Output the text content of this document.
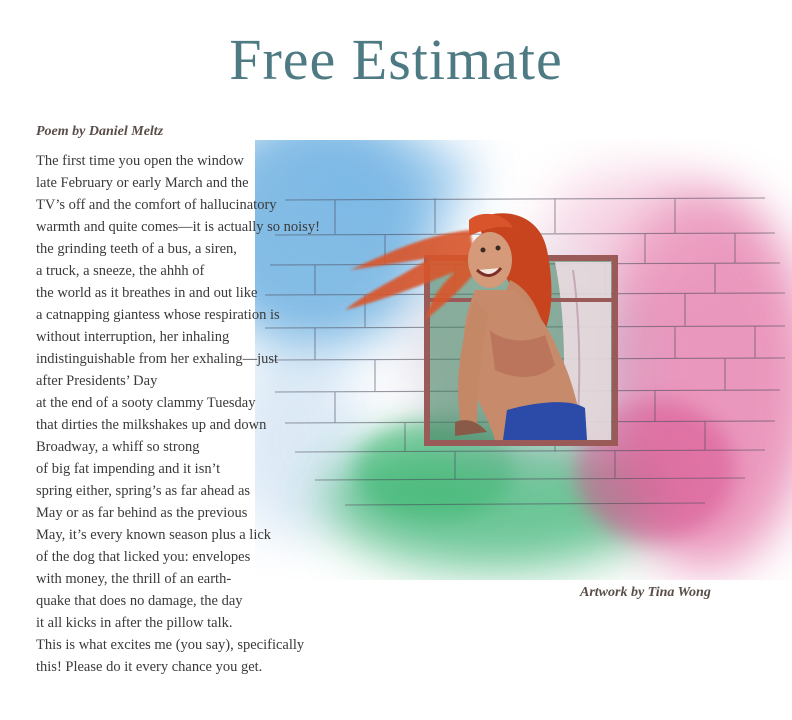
Free Estimate
Poem by Daniel Meltz
The first time you open the window
late February or early March and the
TV’s off and the comfort of hallucinatory
warmth and quite comes—it is actually so noisy!
the grinding teeth of a bus, a siren,
a truck, a sneeze, the ahhh of
the world as it breathes in and out like
a catnapping giantess whose respiration is
without interruption, her inhaling
indistinguishable from her exhaling—just
after Presidents’ Day
at the end of a sooty clammy Tuesday
that dirties the milkshakes up and down
Broadway, a whiff so strong
of big fat impending and it isn’t
spring either, spring’s as far ahead as
May or as far behind as the previous
May, it’s every known season plus a lick
of the dog that licked you: envelopes
with money, the thrill of an earth-
quake that does no damage, the day
it all kicks in after the pillow talk.
This is what excites me (you say), specifically
this! Please do it every chance you get.
Artwork by Tina Wong
